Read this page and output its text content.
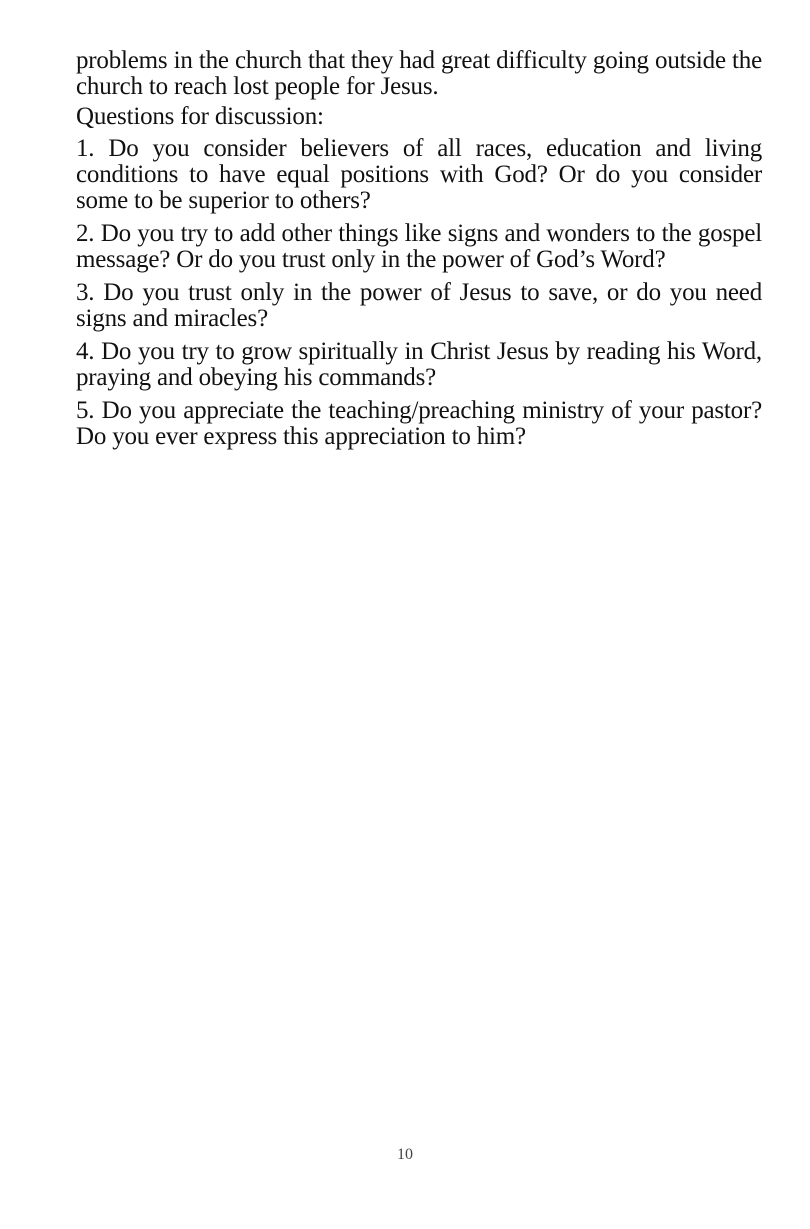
problems in the church that they had great difficulty going outside the church to reach lost people for Jesus.

Questions for discussion:

1. Do you consider believers of all races, education and living conditions to have equal positions with God? Or do you consider some to be superior to others?

2. Do you try to add other things like signs and wonders to the gospel message? Or do you trust only in the power of God’s Word?

3. Do you trust only in the power of Jesus to save, or do you need signs and miracles?

4. Do you try to grow spiritually in Christ Jesus by reading his Word, praying and obeying his commands?

5. Do you appreciate the teaching/preaching ministry of your pastor? Do you ever express this appreciation to him?

10
